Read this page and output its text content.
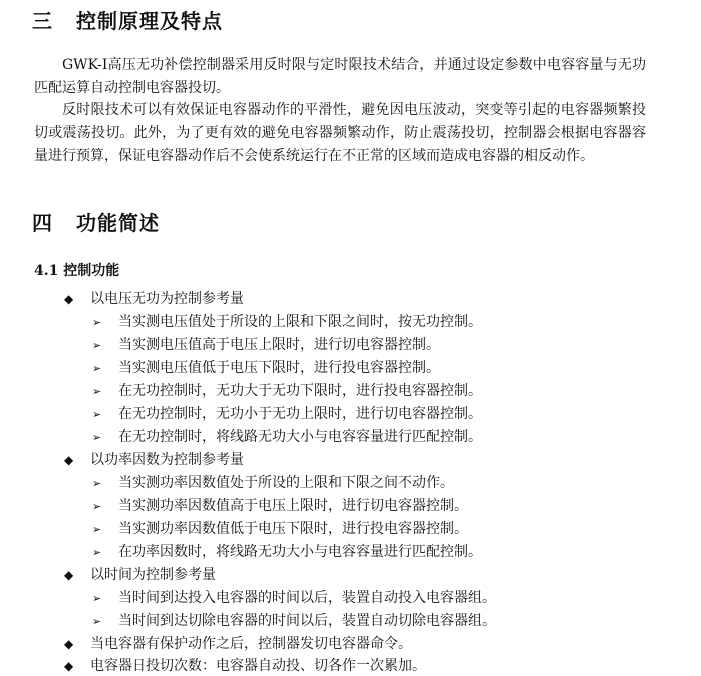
三 控制原理及特点
GWK-Ⅰ高压无功补偿控制器采用反时限与定时限技术结合，并通过设定参数中电容容量与无功匹配运算自动控制电容器投切。
反时限技术可以有效保证电容器动作的平滑性，避免因电压波动，突变等引起的电容器频繁投切或震荡投切。此外，为了更有效的避免电容器频繁动作，防止震荡投切，控制器会根据电容器容量进行预算，保证电容器动作后不会使系统运行在不正常的区域而造成电容器的相反动作。
四 功能简述
4.1 控制功能
◆ 以电压无功为控制参考量
➢ 当实测电压值处于所设的上限和下限之间时，按无功控制。
➢ 当实测电压值高于电压上限时，进行切电容器控制。
➢ 当实测电压值低于电压下限时，进行投电容器控制。
➢ 在无功控制时，无功大于无功下限时，进行投电容器控制。
➢ 在无功控制时，无功小于无功上限时，进行切电容器控制。
➢ 在无功控制时，将线路无功大小与电容容量进行匹配控制。
◆ 以功率因数为控制参考量
➢ 当实测功率因数值处于所设的上限和下限之间不动作。
➢ 当实测功率因数值高于电压上限时，进行切电容器控制。
➢ 当实测功率因数值低于电压下限时，进行投电容器控制。
➢ 在功率因数时，将线路无功大小与电容容量进行匹配控制。
◆ 以时间为控制参考量
➢ 当时间到达投入电容器的时间以后，装置自动投入电容器组。
➢ 当时间到达切除电容器的时间以后，装置自动切除电容器组。
◆ 当电容器有保护动作之后，控制器发切电容器命令。
◆ 电容器日投切次数：电容器自动投、切各作一次累加。
